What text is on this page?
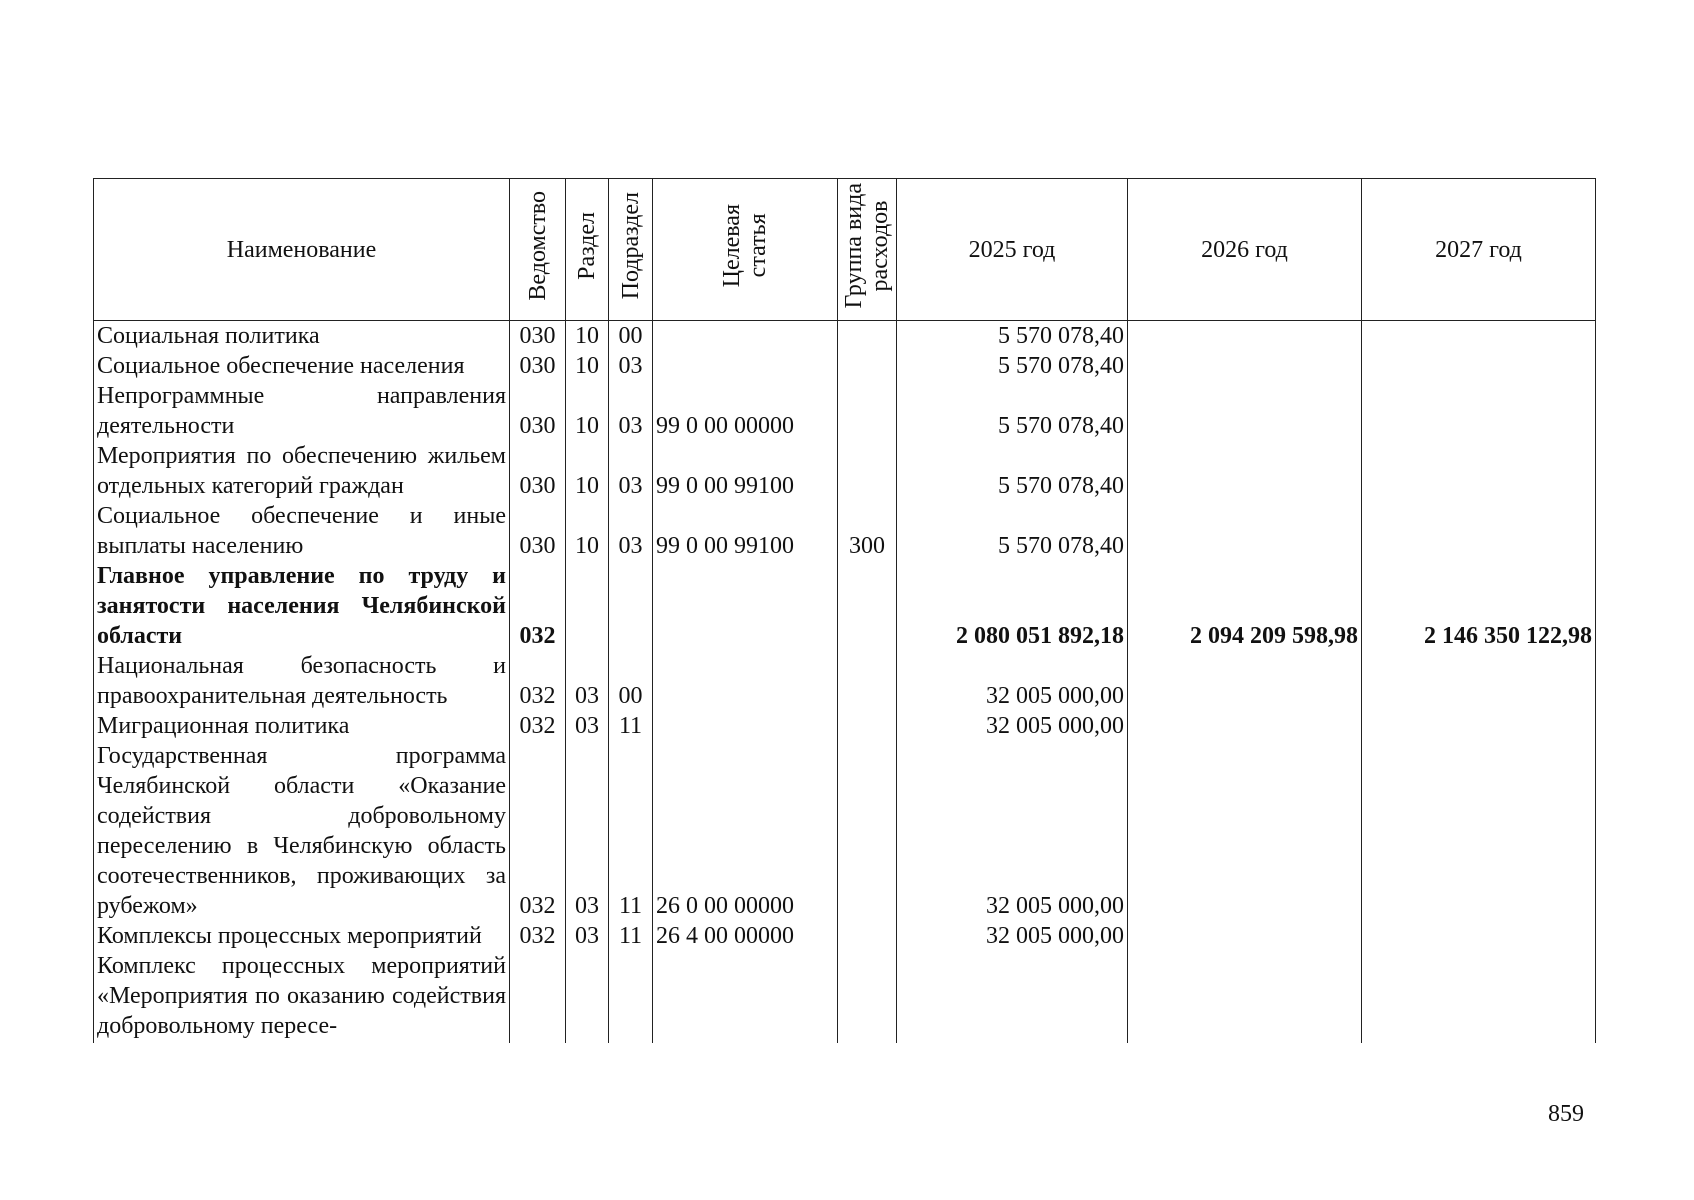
Наименование	Ведомство	Раздел	Подраздел	Целевая
статья	Группа вида
расходов	2025 год	2026 год	2027 год
Социальная политика	030	10	00			5 570 078,40		
Социальное обеспечение населения	030	10	03			5 570 078,40		
Непрограммные направления деятельности	030	10	03	99 0 00 00000		5 570 078,40		
Мероприятия по обеспечению жильем отдельных категорий граждан	030	10	03	99 0 00 99100		5 570 078,40		
Социальное обеспечение и иные выплаты населению	030	10	03	99 0 00 99100	300	5 570 078,40		
Главное управление по труду и занятости населения Челябинской области	032					2 080 051 892,18	2 094 209 598,98	2 146 350 122,98
Национальная безопасность и правоохранительная деятельность	032	03	00			32 005 000,00		
Миграционная политика	032	03	11			32 005 000,00		
Государственная программа Челябинской области «Оказание содействия добровольному переселению в Челябинскую область соотечественников, проживающих за рубежом»	032	03	11	26 0 00 00000		32 005 000,00		
Комплексы процессных мероприятий	032	03	11	26 4 00 00000		32 005 000,00		
Комплекс процессных мероприятий «Мероприятия по оказанию содействия добровольному пересе-								
859
